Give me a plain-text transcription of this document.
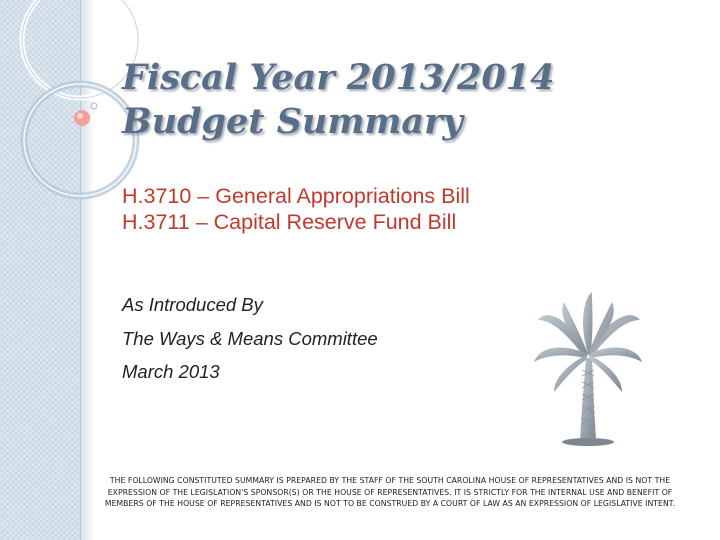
Fiscal Year 2013/2014
Budget Summary
H.3710 – General Appropriations Bill
H.3711 – Capital Reserve Fund Bill
As Introduced By
The Ways & Means Committee
March 2013
THE FOLLOWING CONSTITUTED SUMMARY IS PREPARED BY THE STAFF OF THE SOUTH CAROLINA HOUSE OF REPRESENTATIVES AND IS NOT THE EXPRESSION OF THE LEGISLATION'S SPONSOR(S) OR THE HOUSE OF REPRESENTATIVES. IT IS STRICTLY FOR THE INTERNAL USE AND BENEFIT OF MEMBERS OF THE HOUSE OF REPRESENTATIVES AND IS NOT TO BE CONSTRUED BY A COURT OF LAW AS AN EXPRESSION OF LEGISLATIVE INTENT.
